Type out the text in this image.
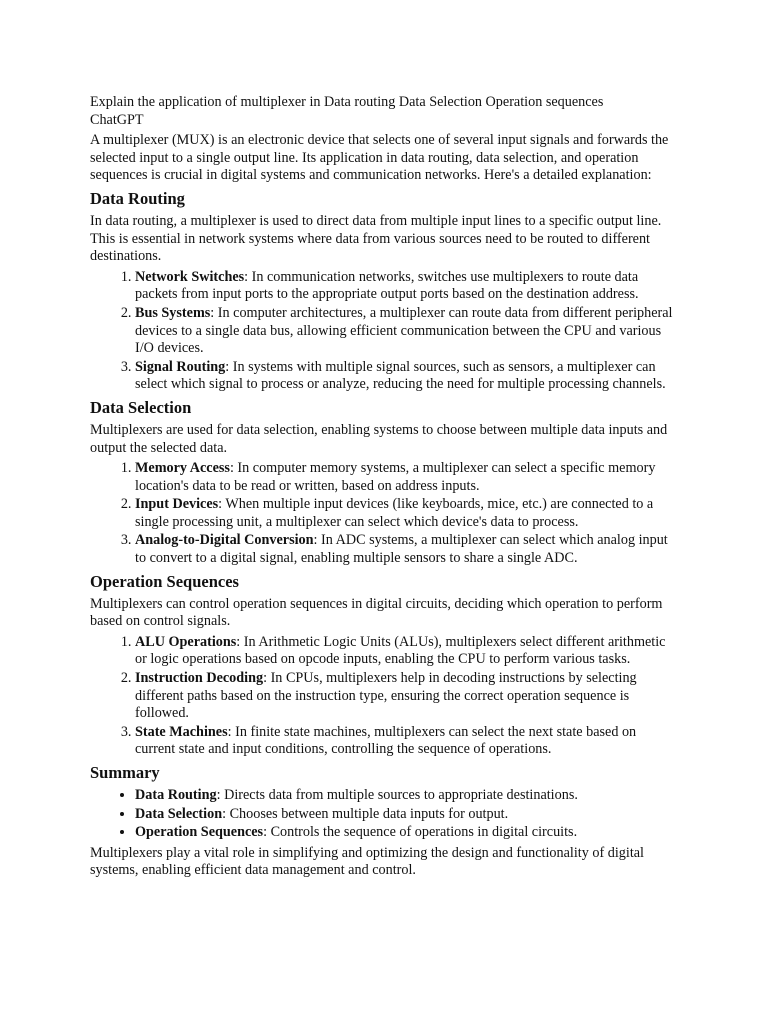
Explain the application of multiplexer in Data routing Data Selection Operation sequences
ChatGPT

A multiplexer (MUX) is an electronic device that selects one of several input signals and forwards the selected input to a single output line. Its application in data routing, data selection, and operation sequences is crucial in digital systems and communication networks. Here's a detailed explanation:

Data Routing

In data routing, a multiplexer is used to direct data from multiple input lines to a specific output line. This is essential in network systems where data from various sources need to be routed to different destinations.

1. Network Switches: In communication networks, switches use multiplexers to route data packets from input ports to the appropriate output ports based on the destination address.
2. Bus Systems: In computer architectures, a multiplexer can route data from different peripheral devices to a single data bus, allowing efficient communication between the CPU and various I/O devices.
3. Signal Routing: In systems with multiple signal sources, such as sensors, a multiplexer can select which signal to process or analyze, reducing the need for multiple processing channels.
Data Selection

Multiplexers are used for data selection, enabling systems to choose between multiple data inputs and output the selected data.

1. Memory Access: In computer memory systems, a multiplexer can select a specific memory location's data to be read or written, based on address inputs.
2. Input Devices: When multiple input devices (like keyboards, mice, etc.) are connected to a single processing unit, a multiplexer can select which device's data to process.
3. Analog-to-Digital Conversion: In ADC systems, a multiplexer can select which analog input to convert to a digital signal, enabling multiple sensors to share a single ADC.
Operation Sequences

Multiplexers can control operation sequences in digital circuits, deciding which operation to perform based on control signals.

1. ALU Operations: In Arithmetic Logic Units (ALUs), multiplexers select different arithmetic or logic operations based on opcode inputs, enabling the CPU to perform various tasks.
2. Instruction Decoding: In CPUs, multiplexers help in decoding instructions by selecting different paths based on the instruction type, ensuring the correct operation sequence is followed.
3. State Machines: In finite state machines, multiplexers can select the next state based on current state and input conditions, controlling the sequence of operations.
Summary
• Data Routing: Directs data from multiple sources to appropriate destinations.
• Data Selection: Chooses between multiple data inputs for output.
• Operation Sequences: Controls the sequence of operations in digital circuits.

Multiplexers play a vital role in simplifying and optimizing the design and functionality of digital systems, enabling efficient data management and control.
